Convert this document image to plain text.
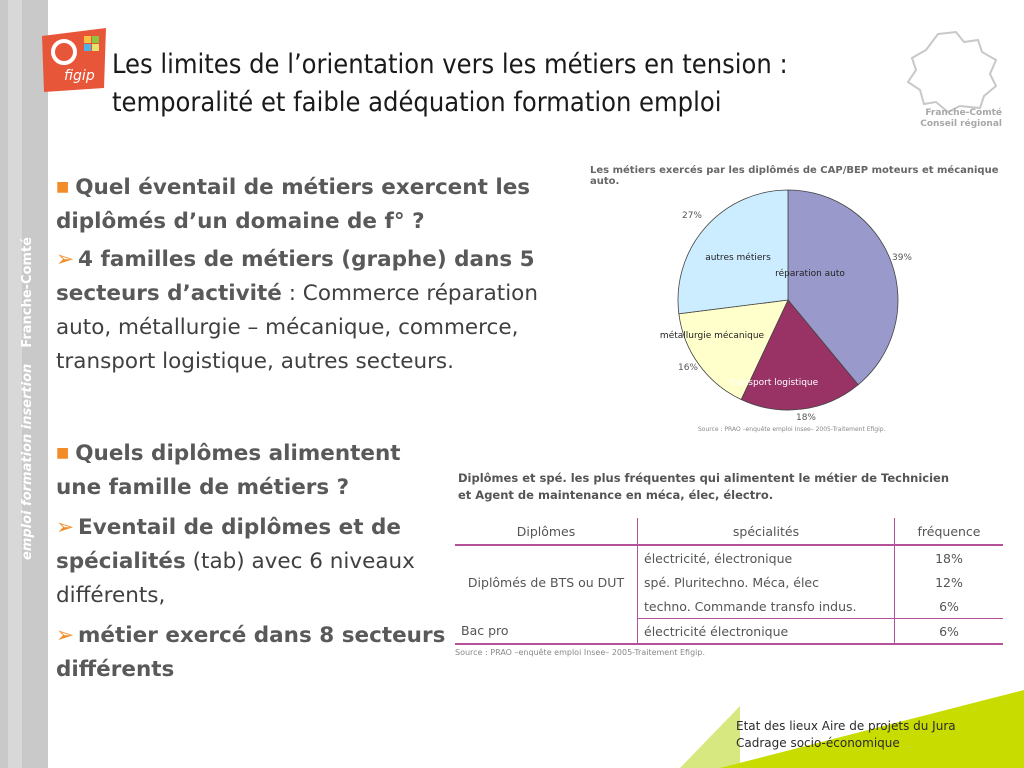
emploi formation insertionFranche-Comté
figip Les limites de l’orientation vers les métiers en tension :
temporalité et faible adéquation formation emploi	Franche-Comté
Conseil régional
■ Quel éventail de métiers exercent les diplômés d’un domaine de f° ?
➢ 4 familles de métiers (graphe) dans 5 secteurs d’activité : Commerce réparation auto, métallurgie – mécanique, commerce, transport logistique, autres secteurs.
■ Quels diplômes alimentent une famille de métiers ?
➢ Eventail de diplômes et de spécialités (tab) avec 6 niveaux différents,
➢ métier exercé dans 8 secteurs différents
Les métiers exercés par les diplômés de CAP/BEP moteurs et mécanique auto.
réparation auto
39%
transport logistique
18%
métallurgie mécanique
16%
autres métiers
27%
Source : PRAO –enquête emploi Insee– 2005-Traitement Efigip.
Diplômes et spé. les plus fréquentes qui alimentent le métier de Technicien
et Agent de maintenance en méca, élec, électro.
Diplômes	spécialités	fréquence
Diplômés de BTS ou DUT	électricité, électronique	18%
	spé. Pluritechno. Méca, élec	12%
	techno. Commande transfo indus.	6%
Bac pro	électricité électronique	6%
Source : PRAO –enquête emploi Insee– 2005-Traitement Efigip.
Etat des lieux Aire de projets du Jura
Cadrage socio-économique
